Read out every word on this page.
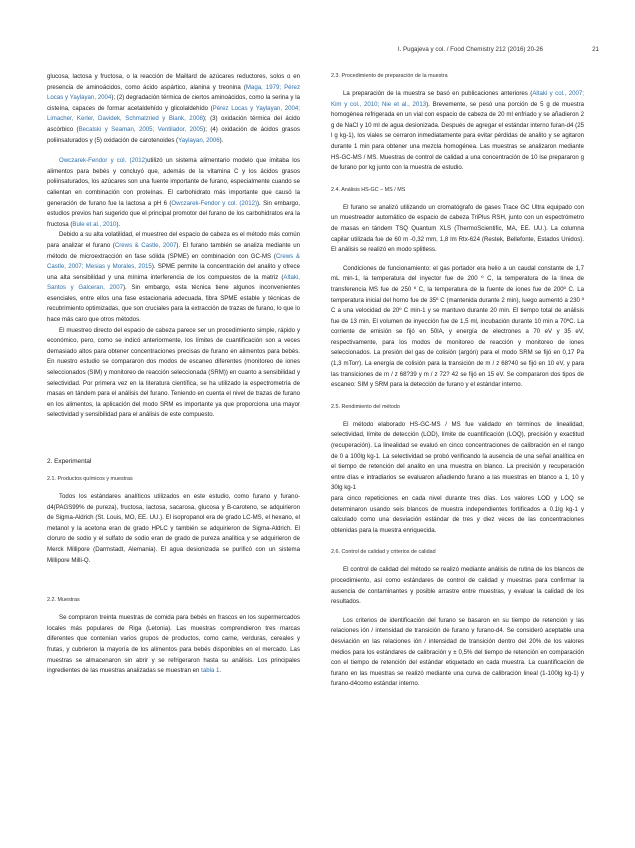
I. Pugajeva y col. / Food Chemistry 212 (2016) 20-26	21

glucosa, lactosa y fructosa, o la reacción de Maillard de azúcares reductores, solos o en presencia de aminoácidos, como ácido aspártico, alanina y treonina (Maga, 1979; Pérez Locas y Yaylayan, 2004); (2) degradación térmica de ciertos aminoácidos, como la serina y la cisteína, capaces de formar acetaldehído y glicolaldehído (Pérez Locas y Yaylayan, 2004; Limacher, Kerler, Davidek, Schmalzried y Blank, 2008); (3) oxidación térmica del ácido ascórbico (Becalski y Seaman, 2005; Ventilador, 2005); (4) oxidación de ácidos grasos poliinsaturados y (5) oxidación de carotenoides (Yaylayan, 2006).

Owczarek-Fendor y col. (2012)utilizó un sistema alimentario modelo que imitaba los alimentos para bebés y concluyó que, además de la vitamina C y los ácidos grasos poliinsaturados, los azúcares son una fuente importante de furano, especialmente cuando se calientan en combinación con proteínas. El carbohidrato más importante que causó la generación de furano fue la lactosa a pH 6 (Owczarek-Fendor y col. (2012)). Sin embargo, estudios previos han sugerido que el principal promotor del furano de los carbohidratos era la fructosa (Bule et al., 2010).

Debido a su alta volatilidad, el muestreo del espacio de cabeza es el método más común para analizar el furano (Crews & Castle, 2007). El furano también se analiza mediante un método de microextracción en fase sólida (SPME) en combinación con GC-MS (Crews & Castle, 2007; Mesias y Morales, 2015). SPME permite la concentración del analito y ofrece una alta sensibilidad y una mínima interferencia de los compuestos de la matriz (Altaki, Santos y Galceran, 2007). Sin embargo, esta técnica tiene algunos inconvenientes esenciales, entre ellos una fase estacionaria adecuada, fibra SPME estable y técnicas de recubrimiento optimizadas, que son cruciales para la extracción de trazas de furano, lo que lo hace más caro que otros métodos.

El muestreo directo del espacio de cabeza parece ser un procedimiento simple, rápido y económico, pero, como se indicó anteriormente, los límites de cuantificación son a veces demasiado altos para obtener concentraciones precisas de furano en alimentos para bebés. En nuestro estudio se compararon dos modos de escaneo diferentes (monitoreo de iones seleccionados (SIM) y monitoreo de reacción seleccionada (SRM)) en cuanto a sensibilidad y selectividad. Por primera vez en la literatura científica, se ha utilizado la espectrometría de masas en tándem para el análisis del furano. Teniendo en cuenta el nivel de trazas de furano en los alimentos, la aplicación del modo SRM es importante ya que proporciona una mayor selectividad y sensibilidad para el análisis de este compuesto.

2. Experimental
2.1. Productos químicos y muestras

Todos los estándares analíticos utilizados en este estudio, como furano y furano-d4(PAGS99% de pureza), fructosa, lactosa, sacarosa, glucosa y B-caroteno, se adquirieron de Sigma-Aldrich (St. Louis, MO, EE. UU.). El isopropanol era de grado LC-MS, el hexano, el metanol y la acetona eran de grado HPLC y también se adquirieron de Sigma-Aldrich. El cloruro de sodio y el sulfato de sodio eran de grado de pureza analítica y se adquirieron de Merck Millipore (Darmstadt, Alemania). El agua desionizada se purificó con un sistema Millipore Milli-Q.

2.2. Muestras

Se compraron treinta muestras de comida para bebés en frascos en los supermercados locales más populares de Riga (Letonia). Las muestras comprendieron tres marcas diferentes que contenían varios grupos de productos, como carne, verduras, cereales y frutas, y cubrieron la mayoría de los alimentos para bebés disponibles en el mercado. Las muestras se almacenaron sin abrir y se refrigeraron hasta su análisis. Los principales ingredientes de las muestras analizadas se muestran en tabla 1.

2.3. Procedimiento de preparación de la muestra

La preparación de la muestra se basó en publicaciones anteriores (Altaki y col., 2007; Kim y col., 2010; Nie et al., 2013). Brevemente, se pesó una porción de 5 g de muestra homogénea refrigerada en un vial con espacio de cabeza de 20 ml enfriado y se añadieron 2 g de NaCl y 10 ml de agua desionizada. Después de agregar el estándar interno furan-d4 (25 l g kg-1), los viales se cerraron inmediatamente para evitar pérdidas de analito y se agitaron durante 1 min para obtener una mezcla homogénea. Las muestras se analizaron mediante HS-GC-MS / MS. Muestras de control de calidad a una concentración de 10 lse prepararon g de furano por kg junto con la muestra de estudio.

2.4. Análisis HS-GC – MS / MS

El furano se analizó utilizando un cromatógrafo de gases Trace GC Ultra equipado con un muestreador automático de espacio de cabeza TriPlus RSH, junto con un espectrómetro de masas en tándem TSQ Quantum XLS (ThermoScientific, MA, EE. UU.). La columna capilar utilizada fue de 60 m -0,32 mm, 1,8 lm Rtx-624 (Restek, Bellefonte, Estados Unidos). El análisis se realizó en modo splitless.

Condiciones de funcionamiento: el gas portador era helio a un caudal constante de 1,7 mL min-1, la temperatura del inyector fue de 200 º C, la temperatura de la línea de transferencia MS fue de 250 º C, la temperatura de la fuente de iones fue de 200º C. La temperatura inicial del horno fue de 35º C (mantenida durante 2 min), luego aumentó a 230 º C a una velocidad de 20º C min-1 y se mantuvo durante 20 min. El tiempo total de análisis fue de 13 min. El volumen de inyección fue de 1,5 ml, incubación durante 10 min a 70ºC. La corriente de emisión se fijó en 50lA, y energía de electrones a 70 eV y 35 eV, respectivamente, para los modos de monitoreo de reacción y monitoreo de iones seleccionados. La presión del gas de colisión (argón) para el modo SRM se fijó en 0,17 Pa (1,3 mTorr). La energía de colisión para la transición de m / z 68?40 se fijó en 10 eV, y para las transiciones de m / z 68?39 y m / z 72? 42 se fijó en 15 eV. Se compararon dos tipos de escaneo: SIM y SRM para la detección de furano y el estándar interno.

2.5. Rendimiento del método

El método elaborado HS-GC-MS / MS fue validado en términos de linealidad, selectividad, límite de detección (LOD), límite de cuantificación (LOQ), precisión y exactitud (recuperación). La linealidad se evaluó en cinco concentraciones de calibración en el rango de 0 a 100lg kg-1. La selectividad se probó verificando la ausencia de una señal analítica en el tiempo de retención del analito en una muestra en blanco. La precisión y recuperación entre días e intradiarios se evaluaron añadiendo furano a las muestras en blanco a 1, 10 y 30lg kg-1

para cinco repeticiones en cada nivel durante tres días. Los valores LOD y LOQ se determinaron usando seis blancos de muestra independientes fortificados a 0.1lg kg-1 y calculado como una desviación estándar de tres y diez veces de las concentraciones obtenidas para la muestra enriquecida.

2.6. Control de calidad y criterios de calidad

El control de calidad del método se realizó mediante análisis de rutina de los blancos de procedimiento, así como estándares de control de calidad y muestras para confirmar la ausencia de contaminantes y posible arrastre entre muestras, y evaluar la calidad de los resultados.

Los criterios de identificación del furano se basaron en su tiempo de retención y las relaciones ión / intensidad de transición de furano y furano-d4. Se consideró aceptable una desviación en las relaciones ión / intensidad de transición dentro del 20% de los valores medios para los estándares de calibración y ± 0,5% del tiempo de retención en comparación con el tiempo de retención del estándar etiquetado en cada muestra. La cuantificación de furano en las muestras se realizó mediante una curva de calibración lineal (1-100lg kg-1) y furano-d4como estándar interno.
